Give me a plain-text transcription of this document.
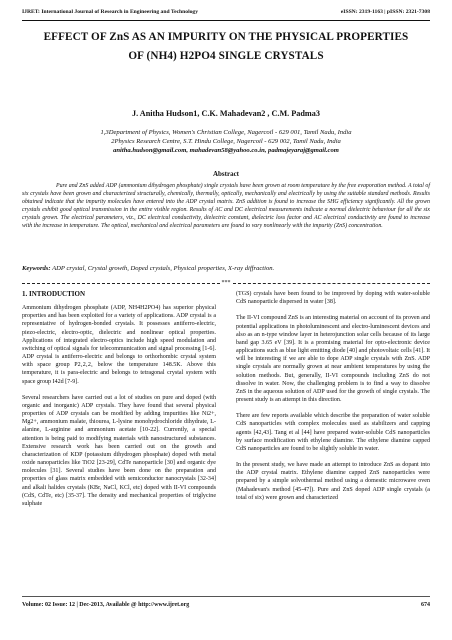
IJRET: International Journal of Research in Engineering and Technology	eISSN: 2319-1163 | pISSN: 2321-7308
EFFECT OF ZnS AS AN IMPURITY ON THE PHYSICAL PROPERTIES
OF (NH4) H2PO4 SINGLE CRYSTALS
J. Anitha Hudson1, C.K. Mahadevan2 , C.M. Padma3
1,3Department of Physics, Women's Christian College, Nagercoil - 629 001, Tamil Nadu, India
2Physics Research Centre, S.T. Hindu College, Nagercoil - 629 002, Tamil Nadu, India
anitha.hudson@gmail.com, mahadevan58@yahoo.co.in, padmajeyaraj@gmail.com
Abstract
Pure and ZnS added ADP (ammonium dihydrogen phosphate) single crystals have been grown at room temperature by the free evaporation method. A total of six crystals have been grown and characterized structurally, chemically, thermally, optically, mechanically and electrically by using the suitable standard methods. Results obtained indicate that the impurity molecules have entered into the ADP crystal matrix. ZnS addition is found to increase the SHG efficiency significantly. All the grown crystals exhibit good optical transmission in the entire visible region. Results of AC and DC electrical measurements indicate a normal dielectric behaviour for all the six crystals grown. The electrical parameters, viz., DC electrical conductivity, dielectric constant, dielectric loss factor and AC electrical conductivity are found to increase with the increase in temperature. The optical, mechanical and electrical parameters are found to vary nonlinearly with the impurity (ZnS) concentration.
Keywords: ADP crystal, Crystal growth, Doped crystals, Physical properties, X-ray diffraction.
***
1. INTRODUCTION

Ammonium dihydrogen phosphate (ADP, NH4H2PO4) has superior physical properties and has been exploited for a variety of applications. ADP crystal is a representative of hydrogen-bonded crystals. It possesses antiferro-electric, piezo-electric, electro-optic, dielectric and nonlinear optical properties. Applications of integrated electro-optics include high speed modulation and switching of optical signals for telecommunication and signal processing [1-6]. ADP crystal is antiferro-electric and belongs to orthorhombic crystal system with space group P2₁2₁2₁ below the temperature 148.5K. Above this temperature, it is para-electric and belongs to tetragonal crystal system with space group I42d [7-9].

Several researchers have carried out a lot of studies on pure and doped (with organic and inorganic) ADP crystals. They have found that several physical properties of ADP crystals can be modified by adding impurities like Ni2+, Mg2+, ammonium malate, thiourea, L-lysine monohydrochloride dihydrate, L-alanine, L-arginine and ammonium acetate [10-22]. Currently, a special attention is being paid to modifying materials with nanostructured substances. Extensive research work has been carried out on the growth and characterization of KDP (potassium dihydrogen phosphate) doped with metal oxide nanoparticles like TiO2 [23-29], CdTe nanoparticle [30] and organic dye molecules [31]. Several studies have been done on the preparation and properties of glass matrix embedded with semiconductor nanocrystals [32-34] and alkali halides crystals (KBr, NaCl, KCl, etc) doped with II-VI compounds (CdS, CdTe, etc) [35-37]. The density and mechanical properties of triglycine sulphate

(TGS) crystals have been found to be improved by doping with water-soluble CdS nanoparticle dispersed in water [38].

The II-VI compound ZnS is an interesting material on account of its proven and potential applications in photoluminescent and electro-luminescent devices and also as an n-type window layer in heterojunction solar cells because of its large band gap 3.65 eV [39]. It is a promising material for opto-electronic device applications such as blue light emitting diode [40] and photovoltaic cells [41]. It will be interesting if we are able to dope ADP single crystals with ZnS. ADP single crystals are normally grown at near ambient temperatures by using the solution methods. But, generally, II-VI compounds including ZnS do not dissolve in water. Now, the challenging problem is to find a way to dissolve ZnS in the aqueous solution of ADP used for the growth of single crystals. The present study is an attempt in this direction.

There are few reports available which describe the preparation of water soluble CdS nanoparticles with complex molecules used as stabilizers and capping agents [42,43]. Tang et al [44] have prepared water-soluble CdS nanoparticles by surface modification with ethylene diamine. The ethylene diamine capped CdS nanoparticles are found to be slightly soluble in water.

In the present study, we have made an attempt to introduce ZnS as dopant into the ADP crystal matrix. Ethylene diamine capped ZnS nanoparticles were prepared by a simple solvothermal method using a domestic microwave oven (Mahadevan's method [45-47]). Pure and ZnS doped ADP single crystals (a total of six) were grown and characterized

Volume: 02 Issue: 12 | Dec-2013, Available @ http://www.ijret.org	674
